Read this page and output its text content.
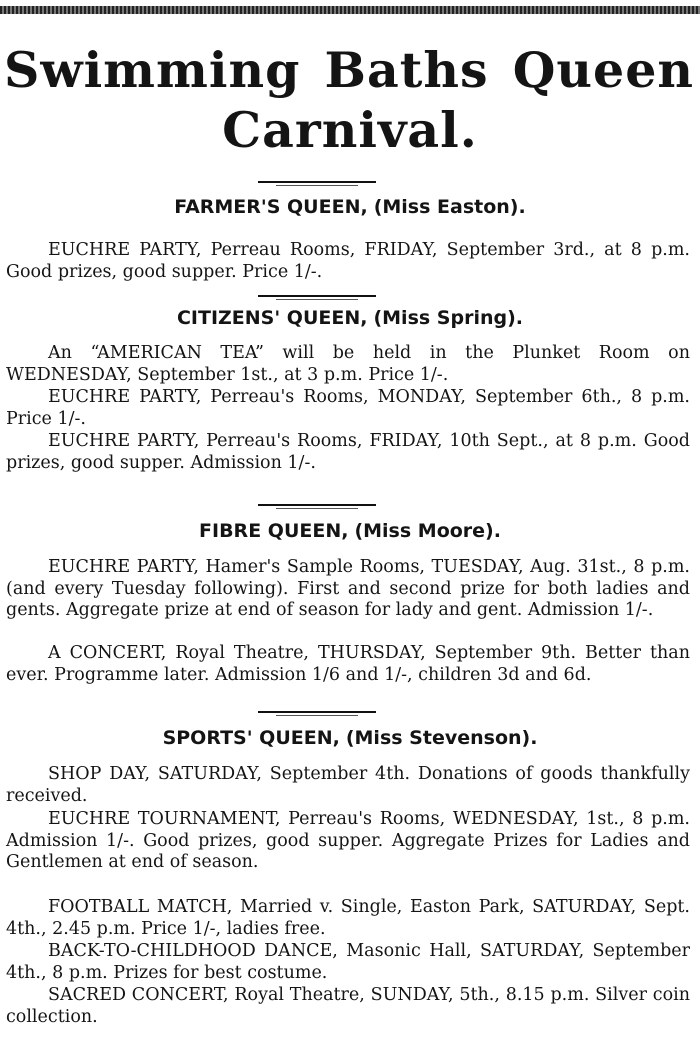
Swimming Baths Queen
Carnival.
FARMER'S QUEEN, (Miss Easton).
EUCHRE PARTY, Perreau Rooms, FRIDAY, September 3rd., at 8 p.m. Good prizes, good supper. Price 1/-.
CITIZENS' QUEEN, (Miss Spring).
An “AMERICAN TEA” will be held in the Plunket Room on WEDNESDAY, September 1st., at 3 p.m. Price 1/-.
EUCHRE PARTY, Perreau's Rooms, MONDAY, September 6th., 8 p.m. Price 1/-.
EUCHRE PARTY, Perreau's Rooms, FRIDAY, 10th Sept., at 8 p.m. Good prizes, good supper. Admission 1/-.
FIBRE QUEEN, (Miss Moore).
EUCHRE PARTY, Hamer's Sample Rooms, TUESDAY, Aug. 31st., 8 p.m. (and every Tuesday following). First and second prize for both ladies and gents. Aggregate prize at end of season for lady and gent. Admission 1/-.
A CONCERT, Royal Theatre, THURSDAY, September 9th. Better than ever. Programme later. Admission 1/6 and 1/-, children 3d and 6d.
SPORTS' QUEEN, (Miss Stevenson).
SHOP DAY, SATURDAY, September 4th. Donations of goods thankfully received.
EUCHRE TOURNAMENT, Perreau's Rooms, WEDNESDAY, 1st., 8 p.m. Admission 1/-. Good prizes, good supper. Aggregate Prizes for Ladies and Gentlemen at end of season.
FOOTBALL MATCH, Married v. Single, Easton Park, SATURDAY, Sept. 4th., 2.45 p.m. Price 1/-, ladies free.
BACK-TO-CHILDHOOD DANCE, Masonic Hall, SATURDAY, September 4th., 8 p.m. Prizes for best costume.
SACRED CONCERT, Royal Theatre, SUNDAY, 5th., 8.15 p.m. Silver coin collection.
